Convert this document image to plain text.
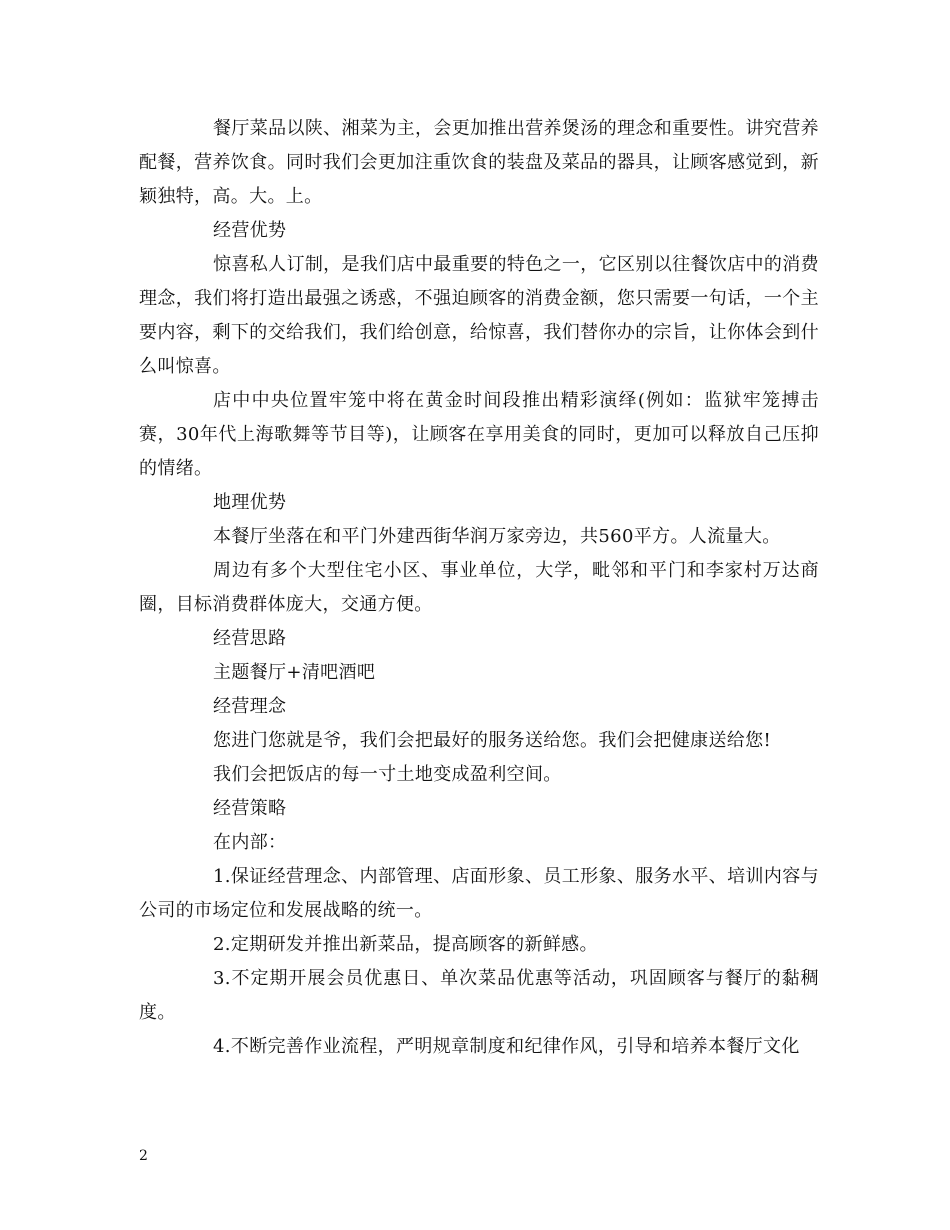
餐厅菜品以陕、湘菜为主，会更加推出营养煲汤的理念和重要性。讲究营养配餐，营养饮食。同时我们会更加注重饮食的装盘及菜品的器具，让顾客感觉到，新颖独特，高。大。上。

经营优势

惊喜私人订制，是我们店中最重要的特色之一，它区别以往餐饮店中的消费理念，我们将打造出最强之诱惑，不强迫顾客的消费金额，您只需要一句话，一个主要内容，剩下的交给我们，我们给创意，给惊喜，我们替你办的宗旨，让你体会到什么叫惊喜。

店中中央位置牢笼中将在黄金时间段推出精彩演绎(例如：监狱牢笼搏击赛，30年代上海歌舞等节目等)，让顾客在享用美食的同时，更加可以释放自己压抑的情绪。

地理优势

本餐厅坐落在和平门外建西街华润万家旁边，共560平方。人流量大。

周边有多个大型住宅小区、事业单位，大学，毗邻和平门和李家村万达商圈，目标消费群体庞大，交通方便。

经营思路

主题餐厅+清吧酒吧

经营理念

您进门您就是爷，我们会把最好的服务送给您。我们会把健康送给您!

我们会把饭店的每一寸土地变成盈利空间。

经营策略

在内部：

1.保证经营理念、内部管理、店面形象、员工形象、服务水平、培训内容与公司的市场定位和发展战略的统一。

2.定期研发并推出新菜品，提高顾客的新鲜感。

3.不定期开展会员优惠日、单次菜品优惠等活动，巩固顾客与餐厅的黏稠度。

4.不断完善作业流程，严明规章制度和纪律作风，引导和培养本餐厅文化

2
